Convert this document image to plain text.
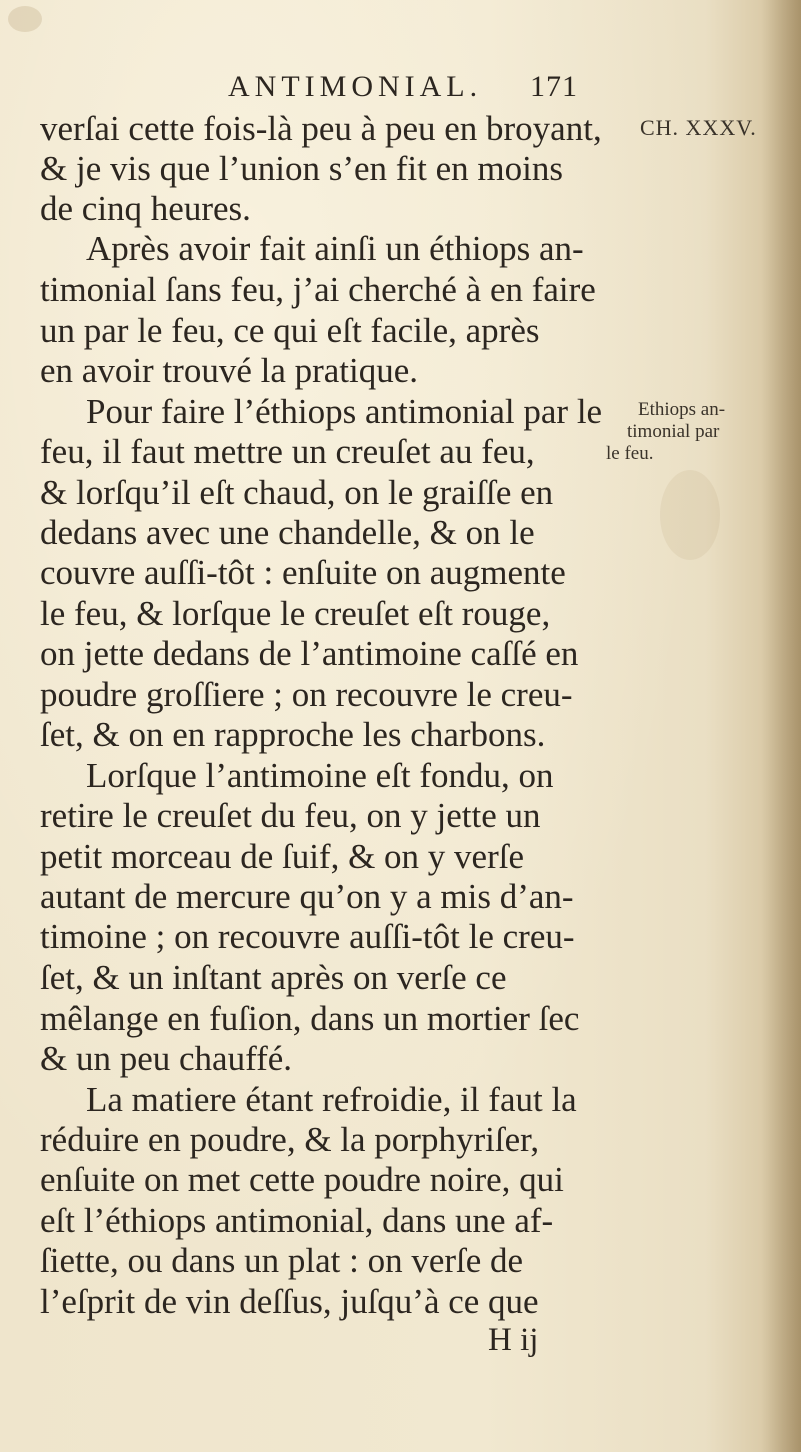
ANTIMONIAL. 171
verſai cette fois-là peu à peu en broyant,
& je vis que l’union s’en fit en moins
de cinq heures.
Après avoir fait ainſi un éthiops an-
timonial ſans feu, j’ai cherché à en faire
un par le feu, ce qui eſt facile, après
en avoir trouvé la pratique.
Pour faire l’éthiops antimonial par le
feu, il faut mettre un creuſet au feu,
& lorſqu’il eſt chaud, on le graiſſe en
dedans avec une chandelle, & on le
couvre auſſi-tôt : enſuite on augmente
le feu, & lorſque le creuſet eſt rouge,
on jette dedans de l’antimoine caſſé en
poudre groſſiere ; on recouvre le creu-
ſet, & on en rapproche les charbons.
Lorſque l’antimoine eſt fondu, on
retire le creuſet du feu, on y jette un
petit morceau de ſuif, & on y verſe
autant de mercure qu’on y a mis d’an-
timoine ; on recouvre auſſi-tôt le creu-
ſet, & un inſtant après on verſe ce
mêlange en fuſion, dans un mortier ſec
& un peu chauffé.
La matiere étant refroidie, il faut la
réduire en poudre, & la porphyriſer,
enſuite on met cette poudre noire, qui
eſt l’éthiops antimonial, dans une af-
ſiette, ou dans un plat : on verſe de
l’eſprit de vin deſſus, juſqu’à ce que
CH. XXXV.
Ethiops an-
timonial par
le feu.
H ij
